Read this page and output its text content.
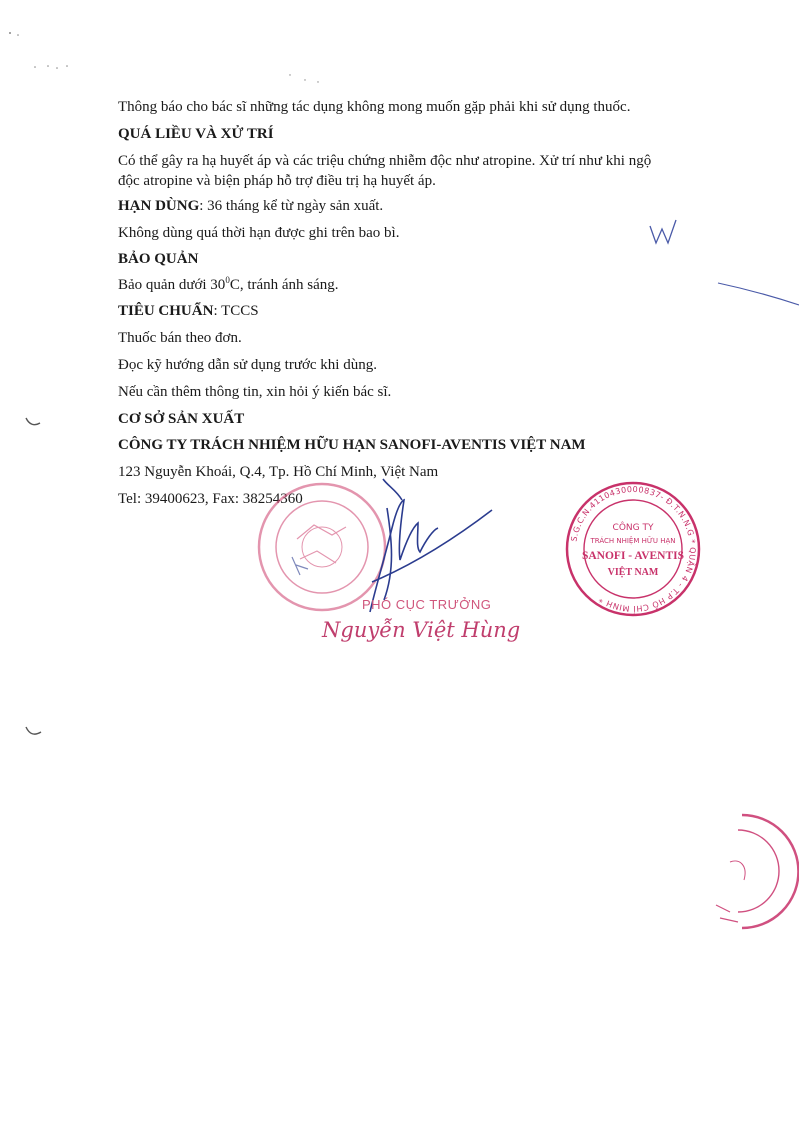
Thông báo cho bác sĩ những tác dụng không mong muốn gặp phải khi sử dụng thuốc.

QUÁ LIỀU VÀ XỬ TRÍ

Có thể gây ra hạ huyết áp và các triệu chứng nhiễm độc như atropine. Xử trí như khi ngộ

độc atropine và biện pháp hỗ trợ điều trị hạ huyết áp.

HẠN DÙNG: 36 tháng kể từ ngày sản xuất.

Không dùng quá thời hạn được ghi trên bao bì.

BẢO QUẢN

Bảo quản dưới $30^0C$, tránh ánh sáng.

TIÊU CHUẨN: TCCS

Thuốc bán theo đơn.

Đọc kỹ hướng dẫn sử dụng trước khi dùng.

Nếu cần thêm thông tin, xin hỏi ý kiến bác sĩ.

CƠ SỞ SẢN XUẤT

CÔNG TY TRÁCH NHIỆM HỮU HẠN SANOFI-AVENTIS VIỆT NAM

123 Nguyễn Khoái, Q.4, Tp. Hồ Chí Minh, Việt Nam

Tel: 39400623, Fax: 38254360

S.G.C.N.4110430000837- Đ.T.N.N.G * QUẬN 4 - T.P HỒ CHÍ MINH *
CÔNG TY
TRÁCH NHIỆM HỮU HẠN
SANOFI - AVENTIS
VIỆT NAM

PHÓ CỤC TRƯỞNG

Nguyễn Việt Hùng
